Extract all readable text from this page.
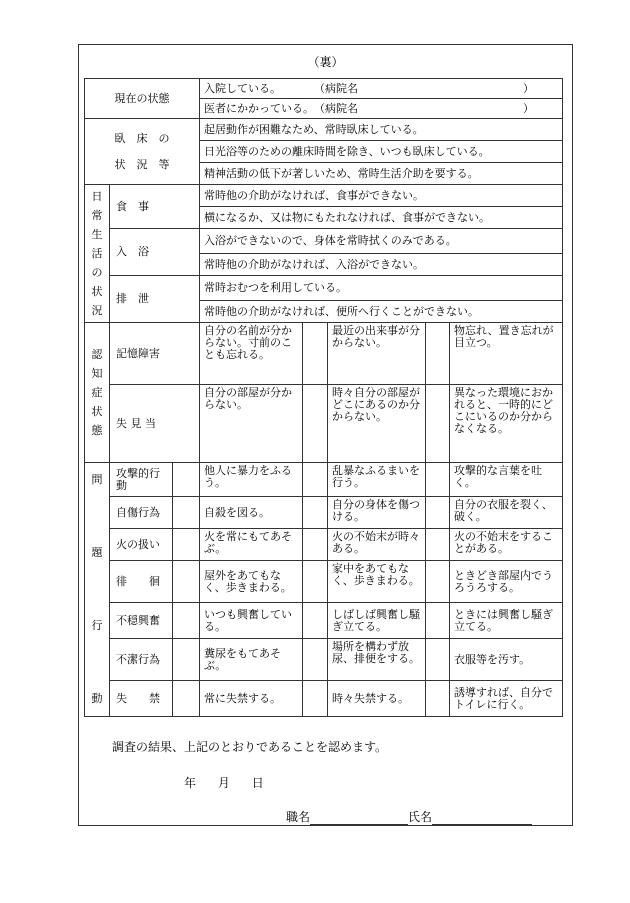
（裏）
現在の状態			入院している。　　　　（病院名　　　　　　　　　　　　　　　）				
			医者にかかっている。　（病院名　　　　　　　　　　　　　　　）				

臥　床　の
状　況　等			起居動作が困難なため、常時臥床している。				
			日光浴等のための離床時間を除き、いつも臥床している。				
			精神活動の低下が著しいため、常時生活介助を要する。				

日常生活の状況	食　事		常時他の介助がなければ、食事ができない。				
			横になるか、又は物にもたれなければ、食事ができない。				
	入　浴		入浴ができないので、身体を常時拭くのみである。				
			常時他の介助がなければ、入浴ができない。				
	排　泄		常時おむつを利用している。				
			常時他の介助がなければ、便所へ行くことができない。				

認知症状態	記憶障害		自分の名前が分からない。寸前のことも忘れる。		最近の出来事が分からない。		物忘れ、置き忘れが目立つ。
	失 見 当		自分の部屋が分からない。		時々自分の部屋がどこにあるのか分からない。		異なった環境におかれると、一時的にどこにいるのか分からなくなる。

問
題
行
動	攻撃的行動		他人に暴力をふるう。		乱暴なふるまいを行う。		攻撃的な言葉を吐く。
	自傷行為		自殺を図る。		自分の身体を傷つける。		自分の衣服を裂く、破く。
	火の扱い		火を常にもてあそぶ。		火の不始末が時々ある。		火の不始末をすることがある。
	徘　　徊		屋外をあてもなく、歩きまわる。		家中をあてもなく、歩きまわる。		ときどき部屋内でうろうろする。
	不穏興奮		いつも興奮している。		しばしば興奮し騒ぎ立てる。		ときには興奮し騒ぎ立てる。
	不潔行為		糞尿をもてあそぶ。		場所を構わず放尿、排便をする。		衣服等を汚す。
	失　　禁		常に失禁する。		時々失禁する。		誘導すれば、自分でトイレに行く。
調査の結果、上記のとおりであることを認めます。
年 月 日
職名	氏名
